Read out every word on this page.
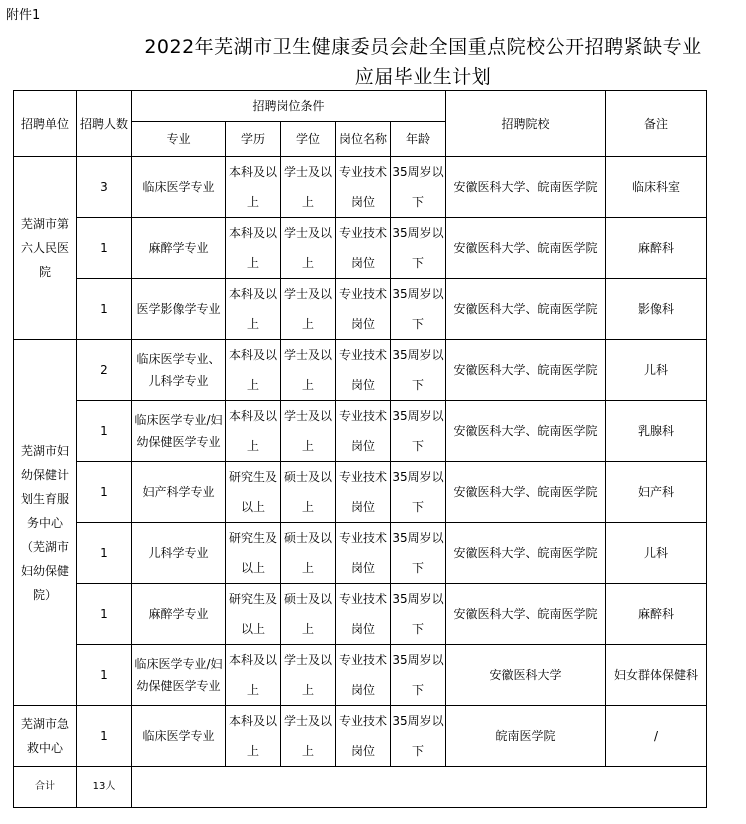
附件1
2022年芜湖市卫生健康委员会赴全国重点院校公开招聘紧缺专业
应届毕业生计划
招聘单位	招聘人数	招聘岗位条件					招聘院校	备注
		专业	学历	学位	岗位名称	年龄		
芜湖市第六人民医院	3	临床医学专业	本科及以上	学士及以上	专业技术岗位	35周岁以下	安徽医科大学、皖南医学院	临床科室
	1	麻醉学专业	本科及以上	学士及以上	专业技术岗位	35周岁以下	安徽医科大学、皖南医学院	麻醉科
	1	医学影像学专业	本科及以上	学士及以上	专业技术岗位	35周岁以下	安徽医科大学、皖南医学院	影像科
芜湖市妇幼保健计划生育服务中心（芜湖市妇幼保健院）	2	临床医学专业、儿科学专业	本科及以上	学士及以上	专业技术岗位	35周岁以下	安徽医科大学、皖南医学院	儿科
	1	临床医学专业/妇幼保健医学专业	本科及以上	学士及以上	专业技术岗位	35周岁以下	安徽医科大学、皖南医学院	乳腺科
	1	妇产科学专业	研究生及以上	硕士及以上	专业技术岗位	35周岁以下	安徽医科大学、皖南医学院	妇产科
	1	儿科学专业	研究生及以上	硕士及以上	专业技术岗位	35周岁以下	安徽医科大学、皖南医学院	儿科
	1	麻醉学专业	研究生及以上	硕士及以上	专业技术岗位	35周岁以下	安徽医科大学、皖南医学院	麻醉科
	1	临床医学专业/妇幼保健医学专业	本科及以上	学士及以上	专业技术岗位	35周岁以下	安徽医科大学	妇女群体保健科
芜湖市急救中心	1	临床医学专业	本科及以上	学士及以上	专业技术岗位	35周岁以下	皖南医学院	/
合计	13人							
